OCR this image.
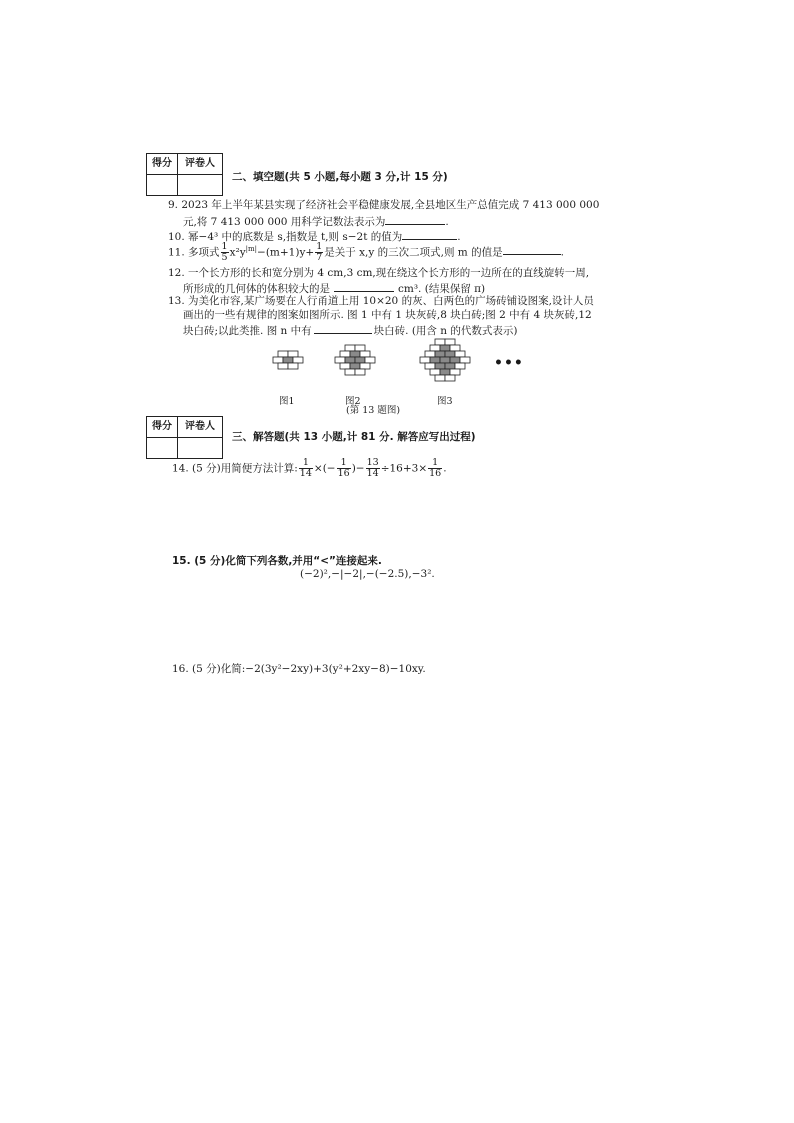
得分	评卷人

二、填空题(共 5 小题,每小题 3 分,计 15 分)
9. 2023 年上半年某县实现了经济社会平稳健康发展,全县地区生产总值完成 7 413 000 000
元,将 7 413 000 000 用科学记数法表示为	.
10. 幂−4³ 中的底数是 s,指数是 t,则 s−2t 的值为	.
11. 多项式 $\frac{1}{5} x^2y^{|m|}-(m+1)y+ \frac{1}{7}$ 是关于 x,y 的三次二项式,则 m 的值是	.
12. 一个长方形的长和宽分别为 4 cm,3 cm,现在绕这个长方形的一边所在的直线旋转一周,
所形成的几何体的体积较大的是	cm³. (结果保留 π)
13. 为美化市容,某广场要在人行甬道上用 10×20 的灰、白两色的广场砖铺设图案,设计人员
画出的一些有规律的图案如图所示. 图 1 中有 1 块灰砖,8 块白砖;图 2 中有 4 块灰砖,12
块白砖;以此类推. 图 n 中有	块白砖. (用含 n 的代数式表示)
图1	图2	图3
(第 13 题图)
•••
得分	评卷人

三、解答题(共 13 小题,计 81 分. 解答应写出过程)
14. (5 分)用简便方法计算: $\frac{1}{14}$ ×(− $\frac{1}{16}$ )− $\frac{13}{14} \div 16+3\times \frac{1}{16}$ .
15. (5 分)化简下列各数,并用“<”连接起来.
(−2)²,−|−2|,−(−2.5),−3².
16. (5 分)化简:−2(3y²−2xy)+3(y²+2xy−8)−10xy.
